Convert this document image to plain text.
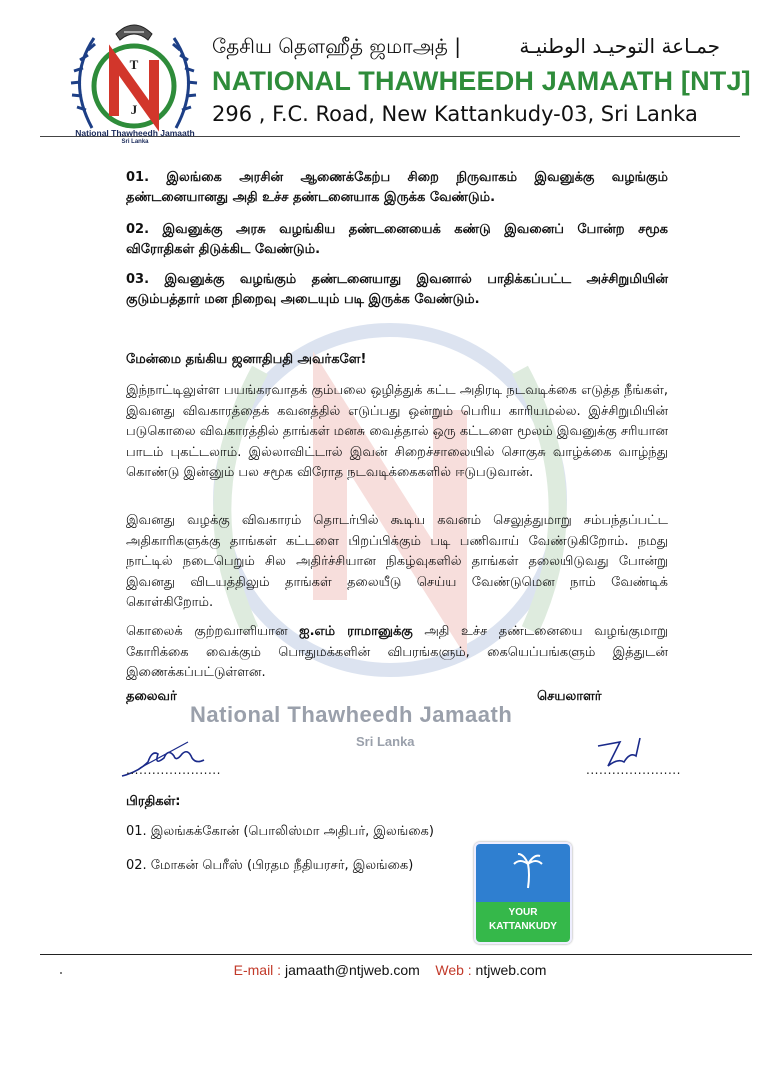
National Thawheedh Jamaath
Sri Lanka
T
J
National Thawheedh Jamaath
Sri Lanka
தேசிய தௌஹீத் ஜமாஅத் |	جمـاعة التوحيـد الوطنيـة
NATIONAL THAWHEEDH JAMAATH [NTJ]
296 , F.C. Road, New Kattankudy-03, Sri Lanka
01. இலங்கை அரசின் ஆணைக்கேற்ப சிறை நிருவாகம் இவனுக்கு வழங்கும் தண்டனையானது அதி உச்ச தண்டனையாக இருக்க வேண்டும்.
02. இவனுக்கு அரசு வழங்கிய தண்டனையைக் கண்டு இவனைப் போன்ற சமூக விரோதிகள் திடுக்கிட வேண்டும்.
03. இவனுக்கு வழங்கும் தண்டனையாது இவனால் பாதிக்கப்பட்ட அச்சிறுமியின் குடும்பத்தார் மன நிறைவு அடையும் படி இருக்க வேண்டும்.
மேன்மை தங்கிய ஜனாதிபதி அவர்களே!
இந்நாட்டிலுள்ள பயங்கரவாதக் கும்பலை ஒழித்துக் கட்ட அதிரடி நடவடிக்கை எடுத்த நீங்கள், இவனது விவகாரத்தைக் கவனத்தில் எடுப்பது ஒன்றும் பெரிய காரியமல்ல. இச்சிறுமியின் படுகொலை விவகாரத்தில் தாங்கள் மனசு வைத்தால் ஒரு கட்டளை மூலம் இவனுக்கு சரியான பாடம் புகட்டலாம். இல்லாவிட்டால் இவன் சிறைச்சாலையில் சொகுசு வாழ்க்கை வாழ்ந்து கொண்டு இன்னும் பல சமூக விரோத நடவடிக்கைகளில் ஈடுபடுவான்.
இவனது வழக்கு விவகாரம் தொடர்பில் கூடிய கவனம் செலுத்துமாறு சம்பந்தப்பட்ட அதிகாரிகளுக்கு தாங்கள் கட்டளை பிறப்பிக்கும் படி பணிவாய் வேண்டுகிறோம். நமது நாட்டில் நடைபெறும் சில அதிர்ச்சியான நிகழ்வுகளில் தாங்கள் தலையிடுவது போன்று இவனது விடயத்திலும் தாங்கள் தலையீடு செய்ய வேண்டுமென நாம் வேண்டிக் கொள்கிறோம்.
கொலைக் குற்றவாளியான ஐ.எம் ராமானுக்கு அதி உச்ச தண்டனையை வழங்குமாறு கோரிக்கை வைக்கும் பொதுமக்களின் விபரங்களும், கையெப்பங்களும் இத்துடன் இணைக்கப்பட்டுள்ளன.
தலைவர்	செயலாளர்
......................	......................
பிரதிகள்:
01. இலங்கக்கோன் (பொலிஸ்மா அதிபர், இலங்கை)
02. மோகன் பெரீஸ் (பிரதம நீதியரசர், இலங்கை)
YOUR
KATTANKUDY
E-mail : jamaath@ntjweb.com Web : ntjweb.com
